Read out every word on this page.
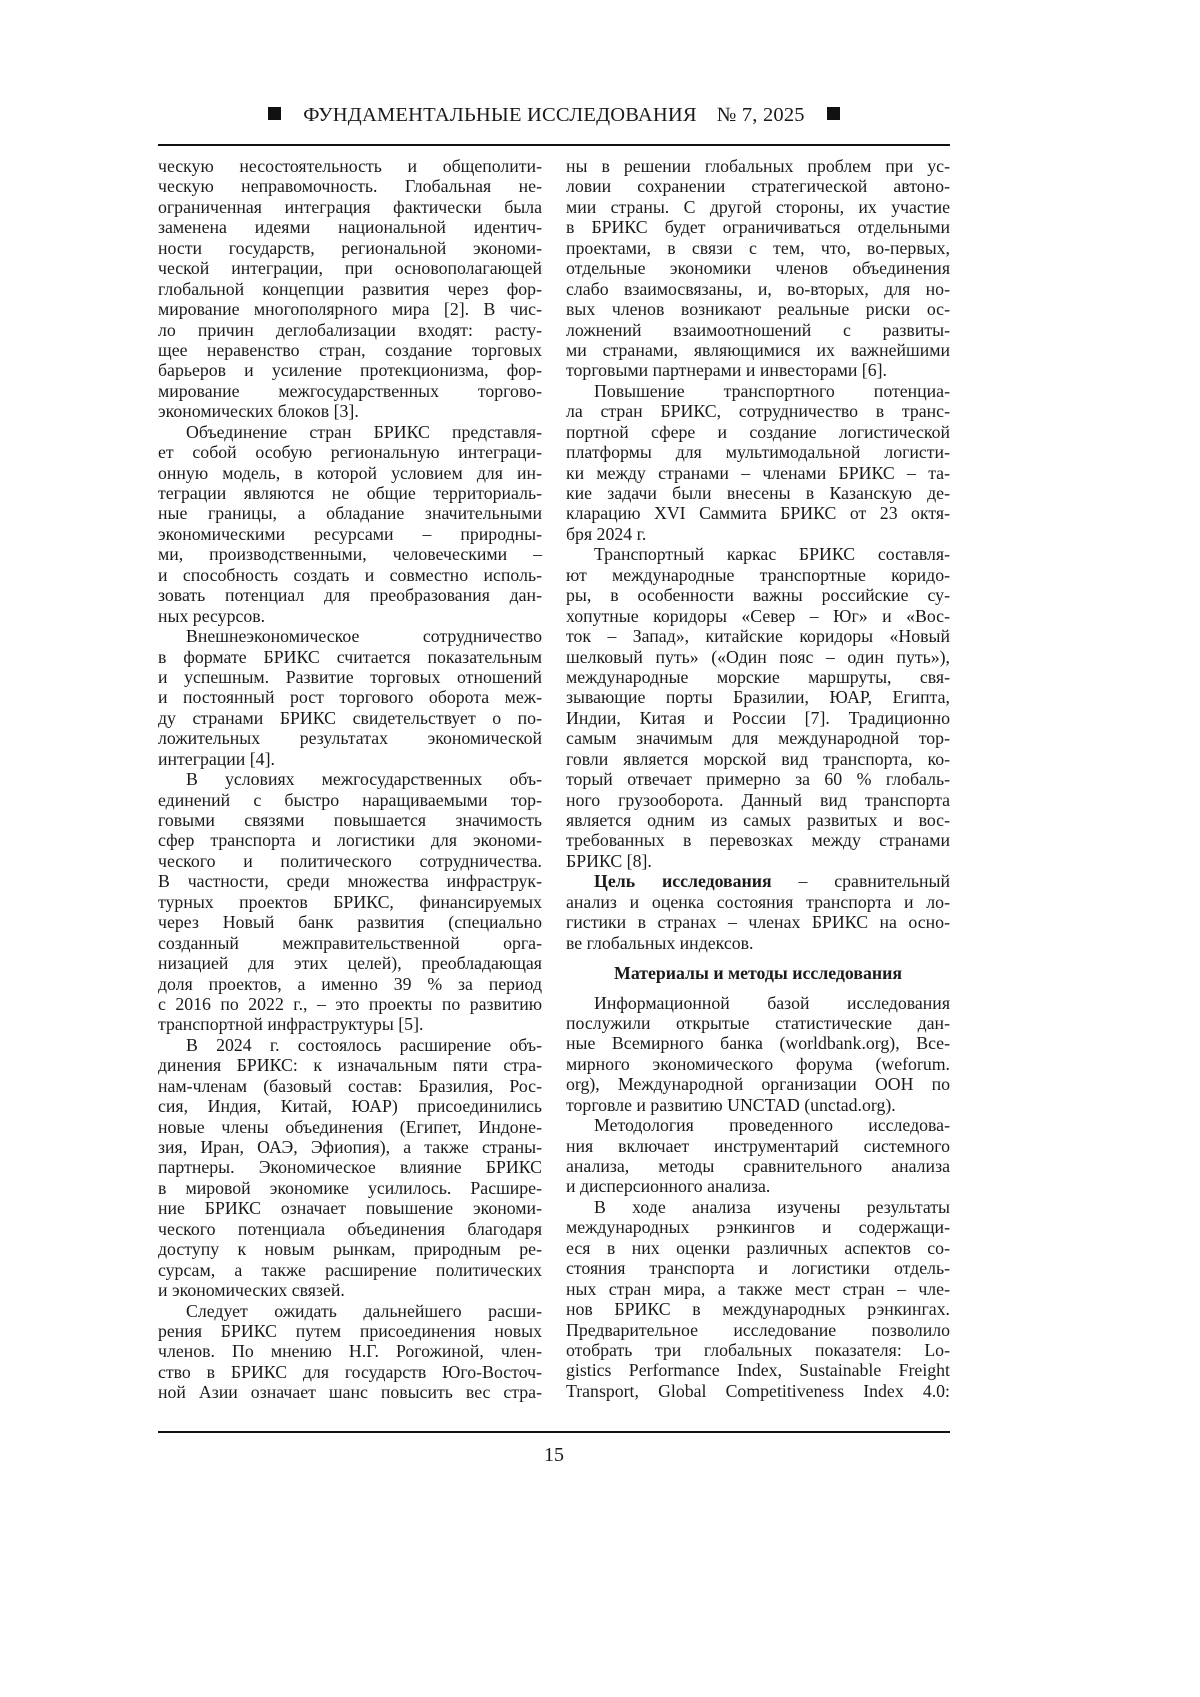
ФУНДАМЕНТАЛЬНЫЕ ИССЛЕДОВАНИЯ № 7, 2025
ческую несостоятельность и общеполити-
ческую неправомочность. Глобальная не-
ограниченная интеграция фактически была
заменена идеями национальной идентич-
ности государств, региональной экономи-
ческой интеграции, при основополагающей
глобальной концепции развития через фор-
мирование многополярного мира [2]. В чис-
ло причин деглобализации входят: расту-
щее неравенство стран, создание торговых
барьеров и усиление протекционизма, фор-
мирование межгосударственных торгово-
экономических блоков [3].
Объединение стран БРИКС представля-
ет собой особую региональную интеграци-
онную модель, в которой условием для ин-
теграции являются не общие территориаль-
ные границы, а обладание значительными
экономическими ресурсами – природны-
ми, производственными, человеческими –
и способность создать и совместно исполь-
зовать потенциал для преобразования дан-
ных ресурсов.
Внешнеэкономическое сотрудничество
в формате БРИКС считается показательным
и успешным. Развитие торговых отношений
и постоянный рост торгового оборота меж-
ду странами БРИКС свидетельствует о по-
ложительных результатах экономической
интеграции [4].
В условиях межгосударственных объ-
единений с быстро наращиваемыми тор-
говыми связями повышается значимость
сфер транспорта и логистики для экономи-
ческого и политического сотрудничества.
В частности, среди множества инфраструк-
турных проектов БРИКС, финансируемых
через Новый банк развития (специально
созданный межправительственной орга-
низацией для этих целей), преобладающая
доля проектов, а именно 39 % за период
с 2016 по 2022 г., – это проекты по развитию
транспортной инфраструктуры [5].
В 2024 г. состоялось расширение объ-
динения БРИКС: к изначальным пяти стра-
нам-членам (базовый состав: Бразилия, Рос-
сия, Индия, Китай, ЮАР) присоединились
новые члены объединения (Египет, Индоне-
зия, Иран, ОАЭ, Эфиопия), а также страны-
партнеры. Экономическое влияние БРИКС
в мировой экономике усилилось. Расшире-
ние БРИКС означает повышение экономи-
ческого потенциала объединения благодаря
доступу к новым рынкам, природным ре-
сурсам, а также расширение политических
и экономических связей.
Следует ожидать дальнейшего расши-
рения БРИКС путем присоединения новых
членов. По мнению Н.Г. Рогожиной, член-
ство в БРИКС для государств Юго-Восточ-
ной Азии означает шанс повысить вес стра-
ны в решении глобальных проблем при ус-
ловии сохранении стратегической автоно-
мии страны. С другой стороны, их участие
в БРИКС будет ограничиваться отдельными
проектами, в связи с тем, что, во-первых,
отдельные экономики членов объединения
слабо взаимосвязаны, и, во-вторых, для но-
вых членов возникают реальные риски ос-
ложнений взаимоотношений с развиты-
ми странами, являющимися их важнейшими
торговыми партнерами и инвесторами [6].
Повышение транспортного потенциа-
ла стран БРИКС, сотрудничество в транс-
портной сфере и создание логистической
платформы для мультимодальной логисти-
ки между странами – членами БРИКС – та-
кие задачи были внесены в Казанскую де-
кларацию XVI Саммита БРИКС от 23 октя-
бря 2024 г.
Транспортный каркас БРИКС составля-
ют международные транспортные коридо-
ры, в особенности важны российские су-
хопутные коридоры «Север – Юг» и «Вос-
ток – Запад», китайские коридоры «Новый
шелковый путь» («Один пояс – один путь»),
международные морские маршруты, свя-
зывающие порты Бразилии, ЮАР, Египта,
Индии, Китая и России [7]. Традиционно
самым значимым для международной тор-
говли является морской вид транспорта, ко-
торый отвечает примерно за 60 % глобаль-
ного грузооборота. Данный вид транспорта
является одним из самых развитых и вос-
требованных в перевозках между странами
БРИКС [8].
Цель исследования – сравнительный
анализ и оценка состояния транспорта и ло-
гистики в странах – членах БРИКС на осно-
ве глобальных индексов.
Материалы и методы исследования
Информационной базой исследования
послужили открытые статистические дан-
ные Всемирного банка (worldbank.org), Все-
мирного экономического форума (weforum.
org), Международной организации ООН по
торговле и развитию UNCTAD (unctad.org).
Методология проведенного исследова-
ния включает инструментарий системного
анализа, методы сравнительного анализа
и дисперсионного анализа.
В ходе анализа изучены результаты
международных рэнкингов и содержащи-
еся в них оценки различных аспектов со-
стояния транспорта и логистики отдель-
ных стран мира, а также мест стран – чле-
нов БРИКС в международных рэнкингах.
Предварительное исследование позволило
отобрать три глобальных показателя: Lo-
gistics Performance Index, Sustainable Freight
Transport, Global Competitiveness Index 4.0:
15
